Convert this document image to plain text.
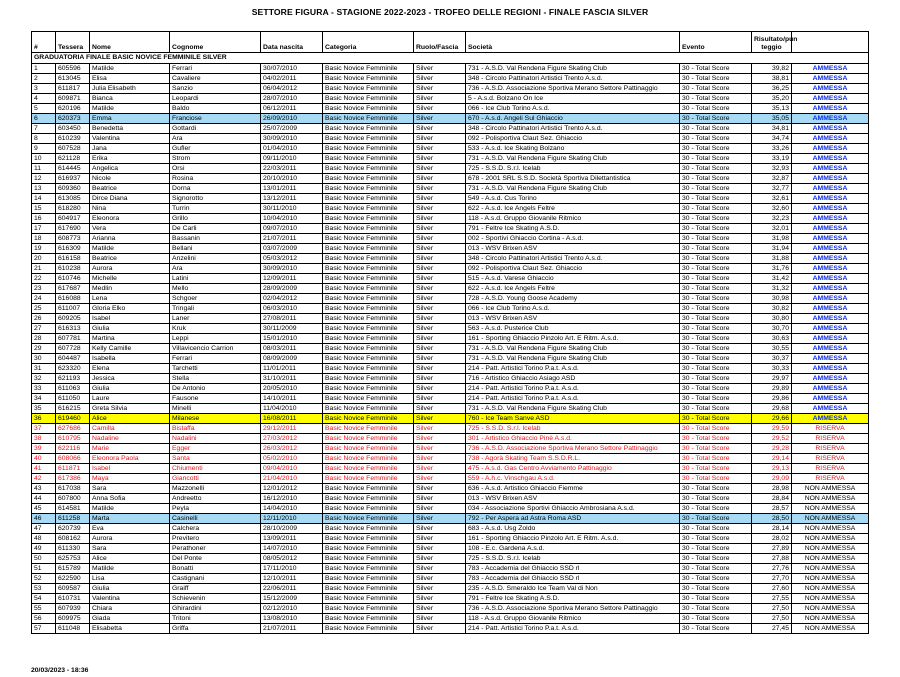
SETTORE FIGURA - STAGIONE 2022-2023 - TROFEO DELLE REGIONI - FINALE FASCIA SILVER
GRADUATORIA FINALE BASIC NOVICE FEMMINILE SILVER										
#	Tessera	Nome	Cognome	Data nascita	Categoria	Ruolo/Fascia	Società	Evento	Risultato/pun teggio	
1	605596	Matilde	Ferrari	30/07/2010	Basic Novice Femminile	Silver	731 - A.S.D. Val Rendena Figure Skating Club	30 - Total Score	39,82	AMMESSA
2	613045	Elisa	Cavaliere	04/02/2011	Basic Novice Femminile	Silver	348 - Circolo Pattinatori Artistici Trento A.s.d.	30 - Total Score	38,81	AMMESSA
3	611817	Julia Elisabeth	Sanzio	06/04/2012	Basic Novice Femminile	Silver	736 - A.S.D. Associazione Sportiva Merano Settore Pattinaggio	30 - Total Score	36,25	AMMESSA
4	609871	Bianca	Leopardi	28/07/2010	Basic Novice Femminile	Silver	5 - A.s.d. Bolzano On Ice	30 - Total Score	35,20	AMMESSA
5	620196	Matilde	Baldo	06/12/2011	Basic Novice Femminile	Silver	066 - Ice Club Torino A.s.d.	30 - Total Score	35,13	AMMESSA
6	620373	Emma	Franciose	26/09/2010	Basic Novice Femminile	Silver	670 - A.s.d. Angeli Sul Ghiaccio	30 - Total Score	35,05	AMMESSA
7	603450	Benedetta	Gottardi	25/07/2009	Basic Novice Femminile	Silver	348 - Circolo Pattinatori Artistici Trento A.s.d.	30 - Total Score	34,81	AMMESSA
8	610239	Valentina	Ara	30/09/2010	Basic Novice Femminile	Silver	092 - Polisportiva Claut Sez. Ghiaccio	30 - Total Score	34,74	AMMESSA
9	607528	Jana	Gufler	01/04/2010	Basic Novice Femminile	Silver	533 - A.s.d. Ice Skating Bolzano	30 - Total Score	33,26	AMMESSA
10	621128	Erika	Strom	09/11/2010	Basic Novice Femminile	Silver	731 - A.S.D. Val Rendena Figure Skating Club	30 - Total Score	33,19	AMMESSA
11	614445	Angelica	Orsi	22/03/2011	Basic Novice Femminile	Silver	725 - S.S.D. S.r.l. Icelab	30 - Total Score	32,93	AMMESSA
12	616937	Nicole	Rosina	20/10/2010	Basic Novice Femminile	Silver	678 - 2001 SRL S.S.D. Società Sportiva Dilettantistica	30 - Total Score	32,87	AMMESSA
13	609360	Beatrice	Dorna	13/01/2011	Basic Novice Femminile	Silver	731 - A.S.D. Val Rendena Figure Skating Club	30 - Total Score	32,77	AMMESSA
14	613085	Dirce Diana	Signorotto	13/12/2011	Basic Novice Femminile	Silver	549 - A.s.d. Cus Torino	30 - Total Score	32,61	AMMESSA
15	618280	Nina	Turrin	30/11/2010	Basic Novice Femminile	Silver	622 - A.s.d. Ice Angels Feltre	30 - Total Score	32,60	AMMESSA
16	604917	Eleonora	Grillo	10/04/2010	Basic Novice Femminile	Silver	118 - A.s.d. Gruppo Giovanile Ritmico	30 - Total Score	32,23	AMMESSA
17	617690	Vera	De Carli	09/07/2010	Basic Novice Femminile	Silver	791 - Feltre Ice Skating A.S.D.	30 - Total Score	32,01	AMMESSA
18	608773	Arianna	Bassanin	21/07/2011	Basic Novice Femminile	Silver	002 - Sportivi Ghiaccio Cortina - A.s.d.	30 - Total Score	31,98	AMMESSA
19	616309	Matilde	Bellani	03/07/2009	Basic Novice Femminile	Silver	013 - WSV Brixen ASV	30 - Total Score	31,94	AMMESSA
20	616158	Beatrice	Anzelini	05/03/2012	Basic Novice Femminile	Silver	348 - Circolo Pattinatori Artistici Trento A.s.d.	30 - Total Score	31,88	AMMESSA
21	610238	Aurora	Ara	30/09/2010	Basic Novice Femminile	Silver	092 - Polisportiva Claut Sez. Ghiaccio	30 - Total Score	31,76	AMMESSA
22	610746	Michelle	Latini	12/09/2011	Basic Novice Femminile	Silver	515 - A.s.d. Varese Ghiaccio	30 - Total Score	31,42	AMMESSA
23	617687	Medlin	Mello	28/09/2009	Basic Novice Femminile	Silver	622 - A.s.d. Ice Angels Feltre	30 - Total Score	31,32	AMMESSA
24	616088	Lena	Schgoer	02/04/2012	Basic Novice Femminile	Silver	728 - A.S.D. Young Goose Academy	30 - Total Score	30,98	AMMESSA
25	611007	Gloria Elko	Tringali	06/03/2010	Basic Novice Femminile	Silver	066 - Ice Club Torino A.s.d.	30 - Total Score	30,82	AMMESSA
26	609205	Isabel	Laner	27/08/2011	Basic Novice Femminile	Silver	013 - WSV Brixen ASV	30 - Total Score	30,80	AMMESSA
27	616313	Giulia	Kruk	30/11/2009	Basic Novice Femminile	Silver	563 - A.s.d. Pusterice Club	30 - Total Score	30,70	AMMESSA
28	607781	Martina	Leppi	15/01/2010	Basic Novice Femminile	Silver	161 - Sporting Ghiaccio Pinzolo Art. E Ritm. A.s.d.	30 - Total Score	30,63	AMMESSA
29	607728	Kelly Camille	Villavicencio Carrion	08/03/2011	Basic Novice Femminile	Silver	731 - A.S.D. Val Rendena Figure Skating Club	30 - Total Score	30,55	AMMESSA
30	604487	Isabella	Ferrari	08/09/2009	Basic Novice Femminile	Silver	731 - A.S.D. Val Rendena Figure Skating Club	30 - Total Score	30,37	AMMESSA
31	623320	Elena	Tarchetti	11/01/2011	Basic Novice Femminile	Silver	214 - Patt. Artistici Torino P.a.t. A.s.d.	30 - Total Score	30,33	AMMESSA
32	621193	Jessica	Stella	31/10/2011	Basic Novice Femminile	Silver	716 - Artistico Ghiaccio Asiago ASD	30 - Total Score	29,97	AMMESSA
33	611063	Giulia	De Antonio	20/05/2010	Basic Novice Femminile	Silver	214 - Patt. Artistici Torino P.a.t. A.s.d.	30 - Total Score	29,89	AMMESSA
34	611050	Laure	Fausone	14/10/2011	Basic Novice Femminile	Silver	214 - Patt. Artistici Torino P.a.t. A.s.d.	30 - Total Score	29,86	AMMESSA
35	616215	Greta Silvia	Minelli	11/04/2010	Basic Novice Femminile	Silver	731 - A.S.D. Val Rendena Figure Skating Club	30 - Total Score	29,68	AMMESSA
36	619460	Alice	Milanese	16/08/2011	Basic Novice Femminile	Silver	760 - Ice Team Sanve ASD	30 - Total Score	29,66	AMMESSA
37	627686	Camilla	Bistaffa	29/12/2011	Basic Novice Femminile	Silver	725 - S.S.D. S.r.l. Icelab	30 - Total Score	29,59	RISERVA
38	610795	Nadaline	Nadalini	27/03/2012	Basic Novice Femminile	Silver	301 - Artistico Ghiaccio Pinè A.s.d.	30 - Total Score	29,52	RISERVA
39	622116	Marie	Egger	26/03/2012	Basic Novice Femminile	Silver	736 - A.S.D. Associazione Sportiva Merano Settore Pattinaggio	30 - Total Score	29,28	RISERVA
40	608066	Eleonora Paola	Santa	05/02/2010	Basic Novice Femminile	Silver	738 - Agorà Skating Team S.S.D.R.L.	30 - Total Score	29,14	RISERVA
41	611871	Isabel	Chiumenti	09/04/2010	Basic Novice Femminile	Silver	475 - A.s.d. Gas Centro Avviamento Pattinaggio	30 - Total Score	29,13	RISERVA
42	617386	Maya	Giancotti	21/04/2010	Basic Novice Femminile	Silver	559 - A.h.c. Vinschgau A.s.d.	30 - Total Score	29,09	RISERVA
43	617038	Sara	Mazzonelli	12/01/2012	Basic Novice Femminile	Silver	636 - A.s.d. Artistico Ghiaccio Fiemme	30 - Total Score	28,98	NON AMMESSA
44	607800	Anna Sofia	Andreetto	16/12/2010	Basic Novice Femminile	Silver	013 - WSV Brixen ASV	30 - Total Score	28,84	NON AMMESSA
45	614581	Matilde	Peyla	14/04/2010	Basic Novice Femminile	Silver	034 - Associazione Sportivi Ghiaccio Ambrosiana A.s.d.	30 - Total Score	28,57	NON AMMESSA
46	611258	Marta	Casinelli	12/11/2010	Basic Novice Femminile	Silver	792 - Per Aspera ad Astra Roma ASD	30 - Total Score	28,50	NON AMMESSA
47	620739	Eva	Calchera	28/10/2009	Basic Novice Femminile	Silver	683 - A.s.d. Usg Zoldo	30 - Total Score	28,14	NON AMMESSA
48	608162	Aurora	Previtero	13/09/2011	Basic Novice Femminile	Silver	161 - Sporting Ghiaccio Pinzolo Art. E Ritm. A.s.d.	30 - Total Score	28,02	NON AMMESSA
49	611330	Sara	Perathoner	14/07/2010	Basic Novice Femminile	Silver	108 - E.c. Gardena A.s.d.	30 - Total Score	27,89	NON AMMESSA
50	625753	Alice	Del Ponte	08/05/2012	Basic Novice Femminile	Silver	725 - S.S.D. S.r.l. Icelab	30 - Total Score	27,88	NON AMMESSA
51	615789	Matilde	Bonatti	17/11/2010	Basic Novice Femminile	Silver	783 - Accademia del Ghiaccio SSD rl	30 - Total Score	27,76	NON AMMESSA
52	622590	Lisa	Castignani	12/10/2011	Basic Novice Femminile	Silver	783 - Accademia del Ghiaccio SSD rl	30 - Total Score	27,70	NON AMMESSA
53	609587	Giulia	Graiff	22/06/2011	Basic Novice Femminile	Silver	235 - A.S.D. Smeraldo Ice Team Val di Non	30 - Total Score	27,60	NON AMMESSA
54	610731	Valentina	Schievenin	15/12/2009	Basic Novice Femminile	Silver	791 - Feltre Ice Skating A.S.D.	30 - Total Score	27,55	NON AMMESSA
55	607939	Chiara	Ghirardini	02/12/2010	Basic Novice Femminile	Silver	736 - A.S.D. Associazione Sportiva Merano Settore Pattinaggio	30 - Total Score	27,50	NON AMMESSA
56	609975	Giada	Tritoni	13/08/2010	Basic Novice Femminile	Silver	118 - A.s.d. Gruppo Giovanile Ritmico	30 - Total Score	27,50	NON AMMESSA
57	611048	Elisabetta	Griffa	21/07/2011	Basic Novice Femminile	Silver	214 - Patt. Artistici Torino P.a.t. A.s.d.	30 - Total Score	27,45	NON AMMESSA
20/03/2023 - 18:36
